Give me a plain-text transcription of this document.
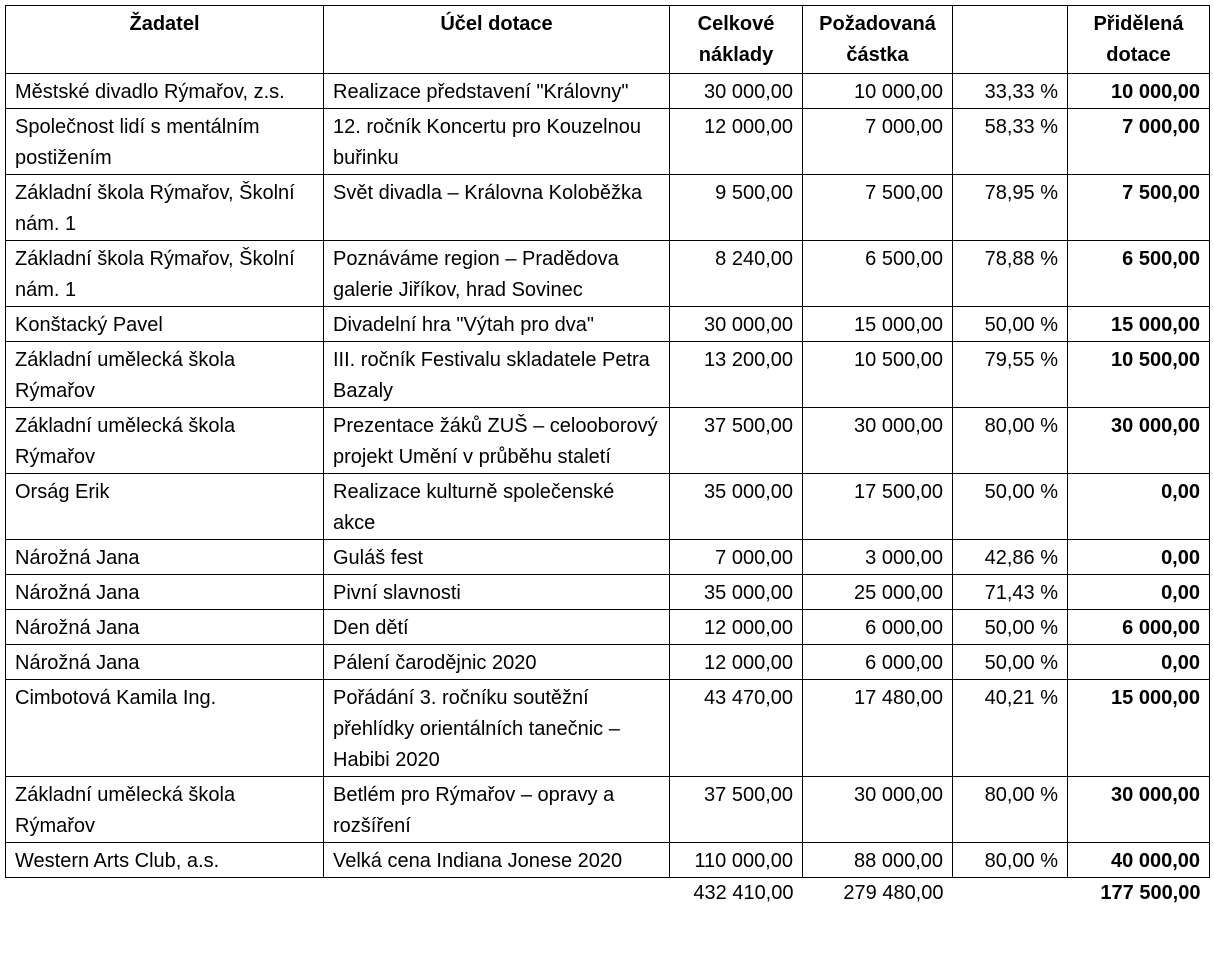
Žadatel	Účel dotace	Celkové náklady	Požadovaná částka		Přidělená dotace
Městské divadlo Rýmařov, z.s.	Realizace představení "Královny"	30 000,00	10 000,00	33,33 %	10 000,00
Společnost lidí s mentálním postižením	12. ročník Koncertu pro Kouzelnou buřinku	12 000,00	7 000,00	58,33 %	7 000,00
Základní škola Rýmařov, Školní nám. 1	Svět divadla – Královna Koloběžka	9 500,00	7 500,00	78,95 %	7 500,00
Základní škola Rýmařov, Školní nám. 1	Poznáváme region – Pradědova galerie Jiříkov, hrad Sovinec	8 240,00	6 500,00	78,88 %	6 500,00
Konštacký Pavel	Divadelní hra "Výtah pro dva"	30 000,00	15 000,00	50,00 %	15 000,00
Základní umělecká škola Rýmařov	III. ročník Festivalu skladatele Petra Bazaly	13 200,00	10 500,00	79,55 %	10 500,00
Základní umělecká škola Rýmařov	Prezentace žáků ZUŠ – celooborový projekt Umění v průběhu staletí	37 500,00	30 000,00	80,00 %	30 000,00
Orság Erik	Realizace kulturně společenské akce	35 000,00	17 500,00	50,00 %	0,00
Nárožná Jana	Guláš fest	7 000,00	3 000,00	42,86 %	0,00
Nárožná Jana	Pivní slavnosti	35 000,00	25 000,00	71,43 %	0,00
Nárožná Jana	Den dětí	12 000,00	6 000,00	50,00 %	6 000,00
Nárožná Jana	Pálení čarodějnic 2020	12 000,00	6 000,00	50,00 %	0,00
Cimbotová Kamila Ing.	Pořádání 3. ročníku soutěžní přehlídky orientálních tanečnic – Habibi 2020	43 470,00	17 480,00	40,21 %	15 000,00
Základní umělecká škola Rýmařov	Betlém pro Rýmařov – opravy a rozšíření	37 500,00	30 000,00	80,00 %	30 000,00
Western Arts Club, a.s.	Velká cena Indiana Jonese 2020	110 000,00	88 000,00	80,00 %	40 000,00

		432 410,00	279 480,00		177 500,00
